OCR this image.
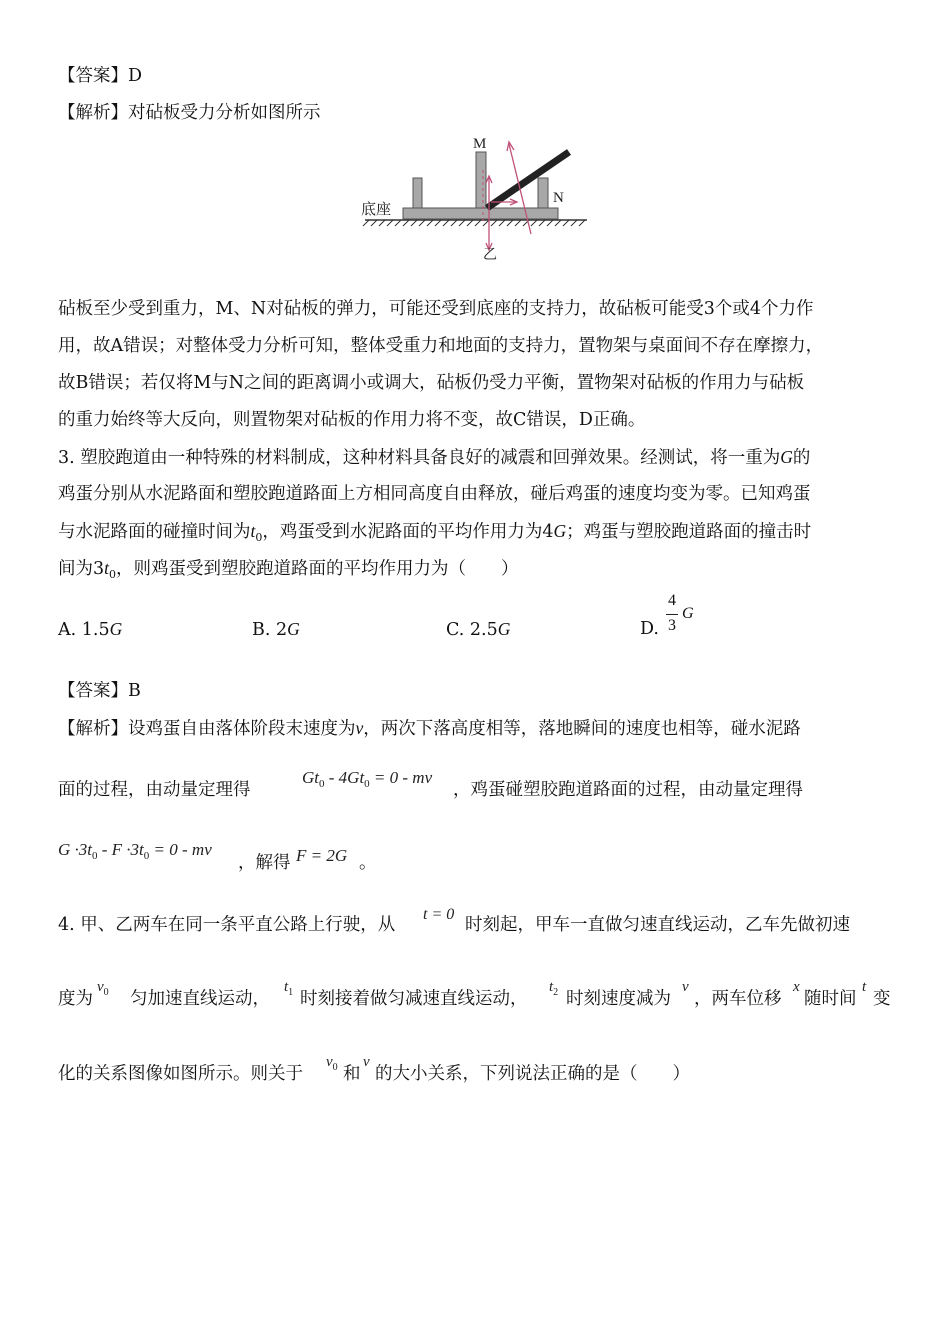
【答案】D
【解析】对砧板受力分析如图所示
M
N
底座
乙
砧板至少受到重力，M、N对砧板的弹力，可能还受到底座的支持力，故砧板可能受3个或4个力作
用，故A错误；对整体受力分析可知，整体受重力和地面的支持力，置物架与桌面间不存在摩擦力，
故B错误；若仅将M与N之间的距离调小或调大，砧板仍受力平衡，置物架对砧板的作用力与砧板
的重力始终等大反向，则置物架对砧板的作用力将不变，故C错误，D正确。
3. 塑胶跑道由一种特殊的材料制成，这种材料具备良好的减震和回弹效果。经测试，将一重为G的
鸡蛋分别从水泥路面和塑胶跑道路面上方相同高度自由释放，碰后鸡蛋的速度均变为零。已知鸡蛋
与水泥路面的碰撞时间为$t_0$，鸡蛋受到水泥路面的平均作用力为4G；鸡蛋与塑胶跑道路面的撞击时
间为$3t_0$，则鸡蛋受到塑胶跑道路面的平均作用力为（　　）
A. 1.5G	B. 2G	C. 2.5G	D.
4
3
G
【答案】B
【解析】设鸡蛋自由落体阶段末速度为v，两次下落高度相等，落地瞬间的速度也相等，碰水泥路
面的过程，由动量定理得
$Gt_0 - 4Gt_0 = 0$ - mv
，鸡蛋碰塑胶跑道路面的过程，由动量定理得
$G \cdot 3t_0 - F \cdot 3t_0 = 0$ - mv
，解得 F = 2G 。
4. 甲、乙两车在同一条平直公路上行驶，从
t = 0
时刻起，甲车一直做匀速直线运动，乙车先做初速
度为
$v_0$ 匀加速直线运动，
$t_1$ 时刻接着做匀减速直线运动，
$t_2$ 时刻速度减为
v
，两车位移
x
随时间
t
变
化的关系图像如图所示。则关于
$v_0$ 和
v
的大小关系，下列说法正确的是（　　）
